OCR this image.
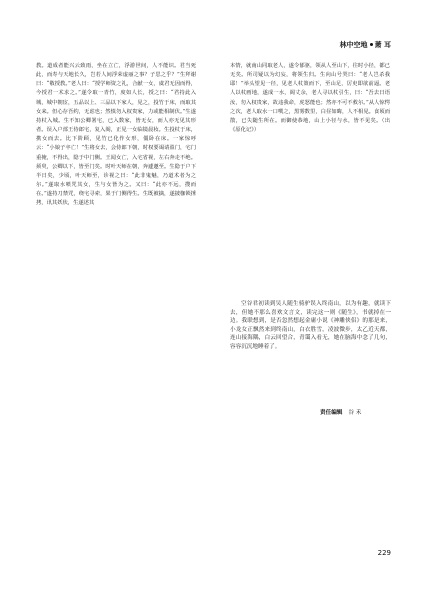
林中空地 萧 耳

教。道成者能兴云致雨，坐在立亡，浮游世间，人不能识。君当死此，而寿与天地长久，岂若人间浮荣虚丽之事？子思之乎？”生拜谢曰：“敬授教。”老人曰：“授学师资之礼，合献一女，虞君无因而得，今授君一术求之。”遂令取一青竹，度如人长，授之曰：“君持此入城，城中朝宦，五品以上、三品以下家人，见之，投竹于床，而取其女来。但心存吾约，无虑也；然慎勿入权贵家，力或能相制伏。”生遂持杖入城。生不知公卿署宅，已入数家，皆无女，而人亦无见其形者。误入户部王侍郎宅，复入阁，正见一女临镜晨妆。生投杖于床，携女而去。比下阶顾，见竹已化作女形，僵卧在床。一家惊呼云：“小娘子卒亡！”生将女去，会侍郎下朝，时权要谒请盈门，宅门重掩，不得出，隐于中门侧。王闻女亡，入宅省视，左右奔走不绝。须臾，公卿以下，皆至门矣。时叶天师在朝，奔遽邀至。生隐于户下半日矣，少顷，叶天师至，诊视之曰：“此非鬼魅，乃道术者为之尔。”遂取水喷咒其女，生与女皆为之。又曰：“此亦不远，搜而在。”遂持刀禁咒，绕宅寻索，果于门侧得生。生既被擒，遂披枷锁捶拷，讯其妖状，生遂述其

本情，就南山同取老人，遂令郁驱，领从人至山下，往时小径，都已无矣。所司疑以为幻妄，将领生归。生向山号哭曰：“老人岂杀我耶！”举头望见一径，见老人杖策而下，至山足，厉吏即欲前逼。老人以杖画地，遂成一水，阔丈余，老人寻以杖引生，曰：“吾去日语汝，勿入权贵家，故违我命，虎怒能也；然亦不可不救尔。”从人惊愕之次，老人取水一口噀之，黑雾数里，白昼如晦，人不相见。食顷而散，已失随生所在。而御使恭地，山上小径与水，皆不见矣。（出《原化记》）

空谷君初读到吴人随生骑驴误入终南山，以为有趣，就读下去，但她不那么喜欢文言文，读完这一则《随生》，书就掉在一边。我联想到，是否忽然想起金庸小说《神雕侠侣》的那是来，小龙女正飘然来到终南山，白衣胜雪，凌波微步，太乙近天都，连山接海隅，白云回望合，青霭入看无，她在脑海中念了几句，容容沉沉地睡着了。

责任编辑 谷 禾
229
